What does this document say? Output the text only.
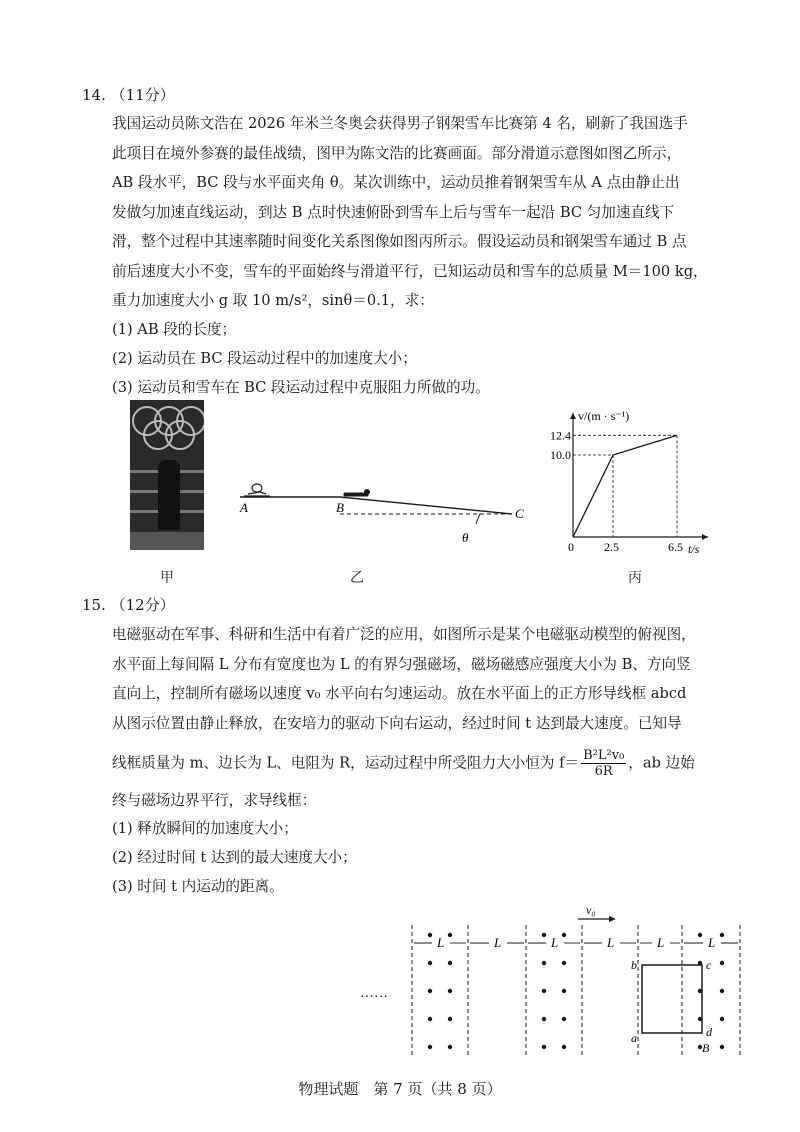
14. （11分）
我国运动员陈文浩在 2026 年米兰冬奥会获得男子钢架雪车比赛第 4 名，刷新了我国选手
此项目在境外参赛的最佳战绩，图甲为陈文浩的比赛画面。部分滑道示意图如图乙所示，
AB 段水平，BC 段与水平面夹角 θ。某次训练中，运动员推着钢架雪车从 A 点由静止出
发做匀加速直线运动，到达 B 点时快速俯卧到雪车上后与雪车一起沿 BC 匀加速直线下
滑，整个过程中其速率随时间变化关系图像如图丙所示。假设运动员和钢架雪车通过 B 点
前后速度大小不变，雪车的平面始终与滑道平行，已知运动员和雪车的总质量 M＝100 kg，
重力加速度大小 g 取 10 m/s²，sinθ＝0.1，求：
(1) AB 段的长度；
(2) 运动员在 BC 段运动过程中的加速度大小；
(3) 运动员和雪车在 BC 段运动过程中克服阻力所做的功。
甲
A	B	C
θ
乙
v/(m · s⁻¹)
t/s
0	2.5	6.5
12.4
10.0
丙
15. （12分）
电磁驱动在军事、科研和生活中有着广泛的应用，如图所示是某个电磁驱动模型的俯视图，
水平面上每间隔 L 分布有宽度也为 L 的有界匀强磁场，磁场磁感应强度大小为 B、方向竖
直向上，控制所有磁场以速度 v₀ 水平向右匀速运动。放在水平面上的正方形导线框 abcd
从图示位置由静止释放，在安培力的驱动下向右运动，经过时间 t 达到最大速度。已知导
线框质量为 m、边长为 L、电阻为 R，运动过程中所受阻力大小恒为 $f= \frac{\text{B²L²v₀}}{6R}$ ，ab 边始
终与磁场边界平行，求导线框：
(1) 释放瞬间的加速度大小；
(2) 经过时间 t 达到的最大速度大小；
(3) 时间 t 内运动的距离。
……
L	L	L	L	L	L
v₀
b	c
a	d
B
物理试题　第 7 页（共 8 页）
